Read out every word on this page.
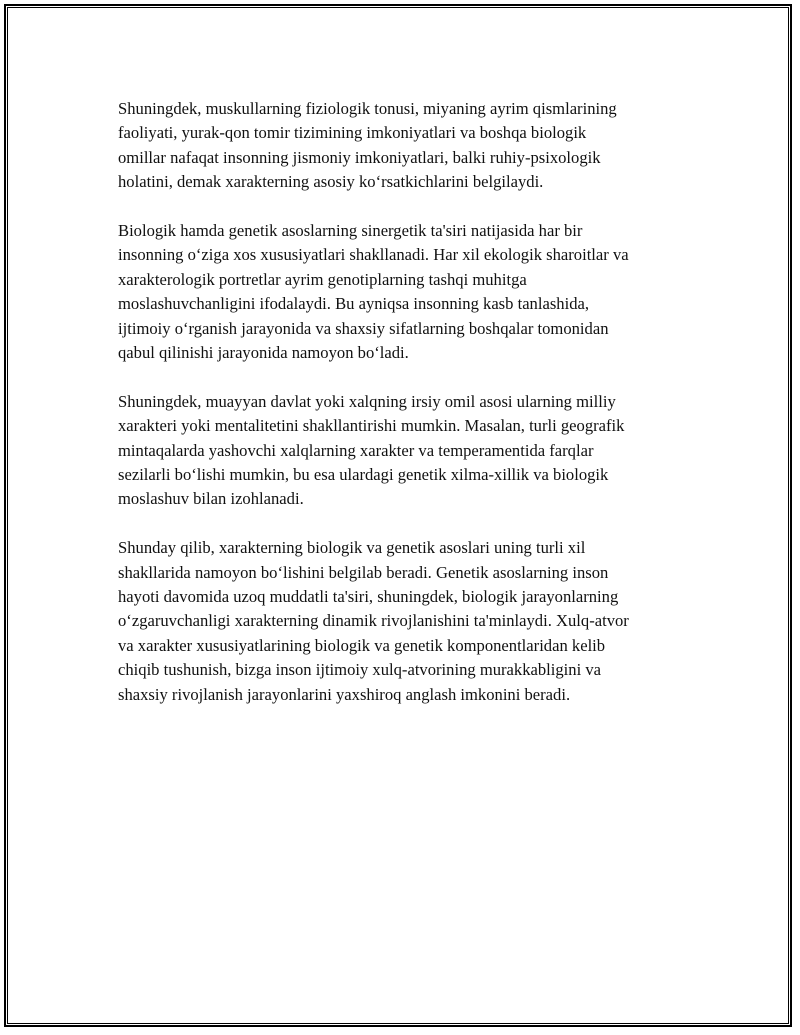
Shuningdek, muskullarning fiziologik tonusi, miyaning ayrim qismlarining
faoliyati, yurak-qon tomir tizimining imkoniyatlari va boshqa biologik
omillar nafaqat insonning jismoniy imkoniyatlari, balki ruhiy-psixologik
holatini, demak xarakterning asosiy ko‘rsatkichlarini belgilaydi.

Biologik hamda genetik asoslarning sinergetik ta'siri natijasida har bir
insonning o‘ziga xos xususiyatlari shakllanadi. Har xil ekologik sharoitlar va
xarakterologik portretlar ayrim genotiplarning tashqi muhitga
moslashuvchanligini ifodalaydi. Bu ayniqsa insonning kasb tanlashida,
ijtimoiy o‘rganish jarayonida va shaxsiy sifatlarning boshqalar tomonidan
qabul qilinishi jarayonida namoyon bo‘ladi.

Shuningdek, muayyan davlat yoki xalqning irsiy omil asosi ularning milliy
xarakteri yoki mentalitetini shakllantirishi mumkin. Masalan, turli geografik
mintaqalarda yashovchi xalqlarning xarakter va temperamentida farqlar
sezilarli bo‘lishi mumkin, bu esa ulardagi genetik xilma-xillik va biologik
moslashuv bilan izohlanadi.

Shunday qilib, xarakterning biologik va genetik asoslari uning turli xil
shakllarida namoyon bo‘lishini belgilab beradi. Genetik asoslarning inson
hayoti davomida uzoq muddatli ta'siri, shuningdek, biologik jarayonlarning
o‘zgaruvchanligi xarakterning dinamik rivojlanishini ta'minlaydi. Xulq-atvor
va xarakter xususiyatlarining biologik va genetik komponentlaridan kelib
chiqib tushunish, bizga inson ijtimoiy xulq-atvorining murakkabligini va
shaxsiy rivojlanish jarayonlarini yaxshiroq anglash imkonini beradi.
